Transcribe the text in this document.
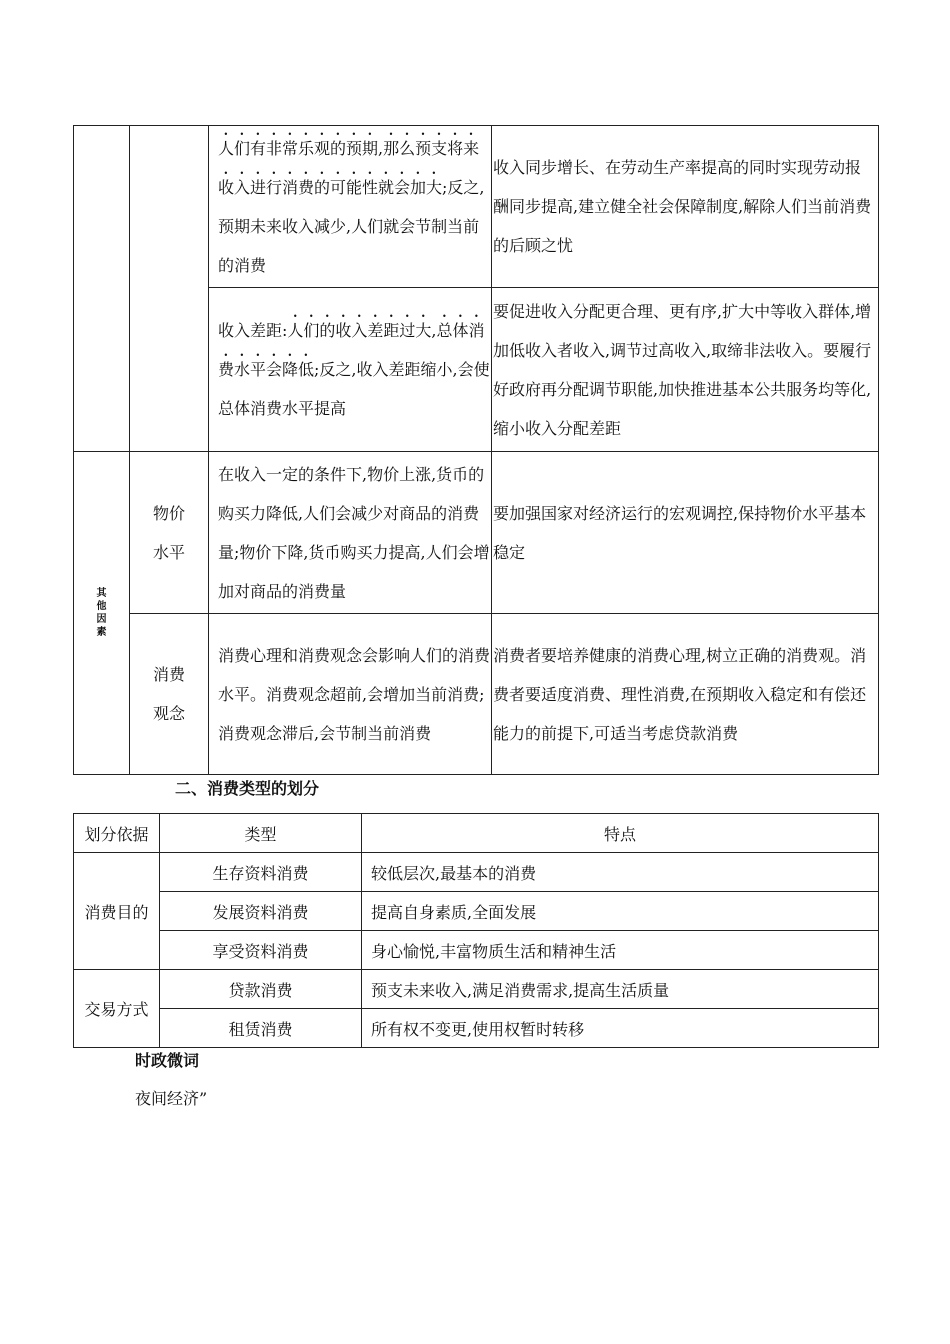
		人们有非常乐观的预期,那么预支将来收入进行消费的可能性就会加大;反之,预期未来收入减少,人们就会节制当前的消费	收入同步增长、在劳动生产率提高的同时实现劳动报酬同步提高,建立健全社会保障制度,解除人们当前消费的后顾之忧
		收入差距:人们的收入差距过大,总体消费水平会降低;反之,收入差距缩小,会使总体消费水平提高	要促进收入分配更合理、更有序,扩大中等收入群体,增加低收入者收入,调节过高收入,取缔非法收入。要履行好政府再分配调节职能,加快推进基本公共服务均等化,缩小收入分配差距

其他因素	物价水平	在收入一定的条件下,物价上涨,货币的购买力降低,人们会减少对商品的消费量;物价下降,货币购买力提高,人们会增加对商品的消费量	要加强国家对经济运行的宏观调控,保持物价水平基本稳定

	消费观念	消费心理和消费观念会影响人们的消费水平。消费观念超前,会增加当前消费;消费观念滞后,会节制当前消费	消费者要培养健康的消费心理,树立正确的消费观。消费者要适度消费、理性消费,在预期收入稳定和有偿还能力的前提下,可适当考虑贷款消费
二、消费类型的划分
划分依据	类型	特点
消费目的	生存资料消费	较低层次,最基本的消费
	发展资料消费	提高自身素质,全面发展
	享受资料消费	身心愉悦,丰富物质生活和精神生活
交易方式	贷款消费	预支未来收入,满足消费需求,提高生活质量
	租赁消费	所有权不变更,使用权暂时转移
时政微词
夜间经济”
